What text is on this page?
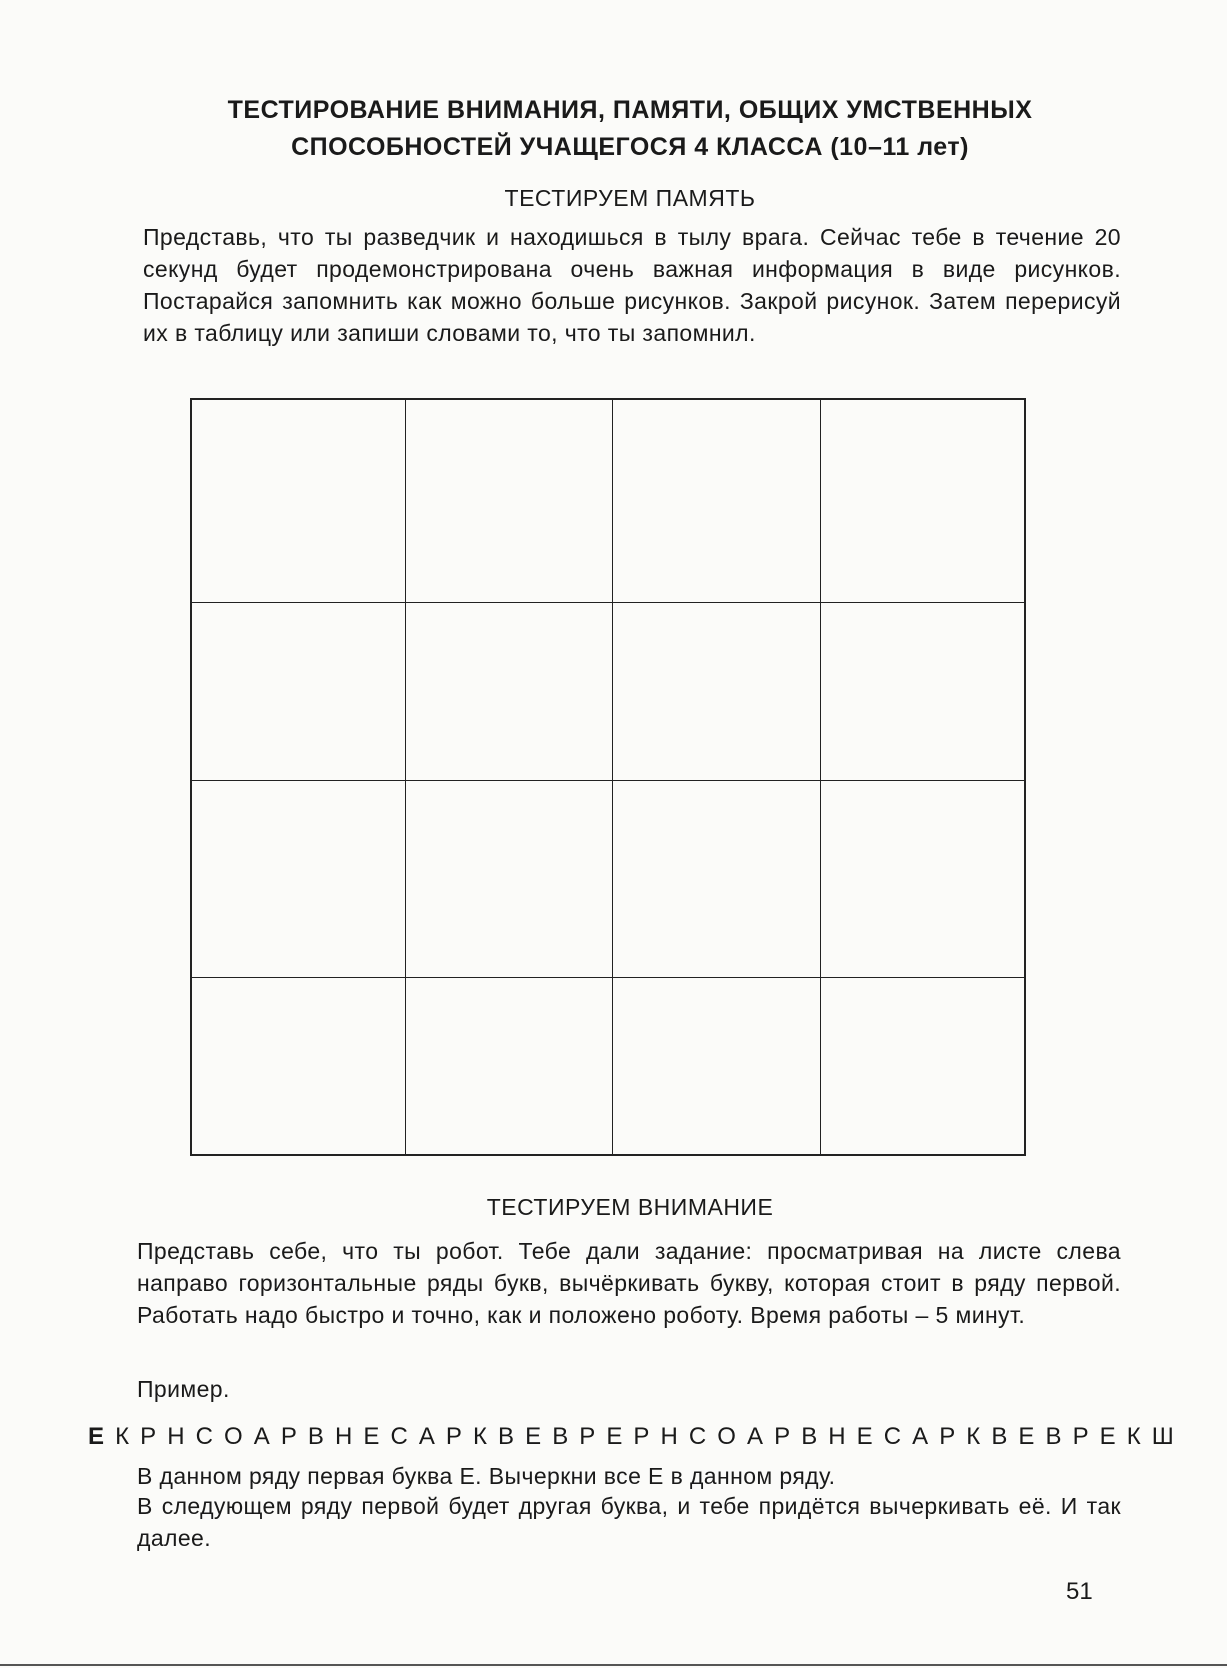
ТЕСТИРОВАНИЕ ВНИМАНИЯ, ПАМЯТИ, ОБЩИХ УМСТВЕННЫХ
СПОСОБНОСТЕЙ УЧАЩЕГОСЯ 4 КЛАССА (10–11 лет)
ТЕСТИРУЕМ ПАМЯТЬ
Представь, что ты разведчик и находишься в тылу врага. Сейчас тебе в течение 20 секунд будет продемонстрирована очень важная информация в виде рисунков. Постарайся запомнить как можно больше рисунков. Закрой рисунок. Затем перерисуй их в таблицу или запиши словами то, что ты запомнил.
ТЕСТИРУЕМ ВНИМАНИЕ
Представь себе, что ты робот. Тебе дали задание: просматривая на листе слева направо горизонтальные ряды букв, вычёркивать букву, которая стоит в ряду первой. Работать надо быстро и точно, как и положено роботу. Время работы – 5 минут.
Пример.
Е К Р Н С О А Р В Н Е С А Р К В Е В Р Е Р Н С О А Р В Н Е С А Р К В Е В Р Е К Ш
В данном ряду первая буква Е. Вычеркни все Е в данном ряду.
В следующем ряду первой будет другая буква, и тебе придётся вычеркивать её. И так далее.
51
